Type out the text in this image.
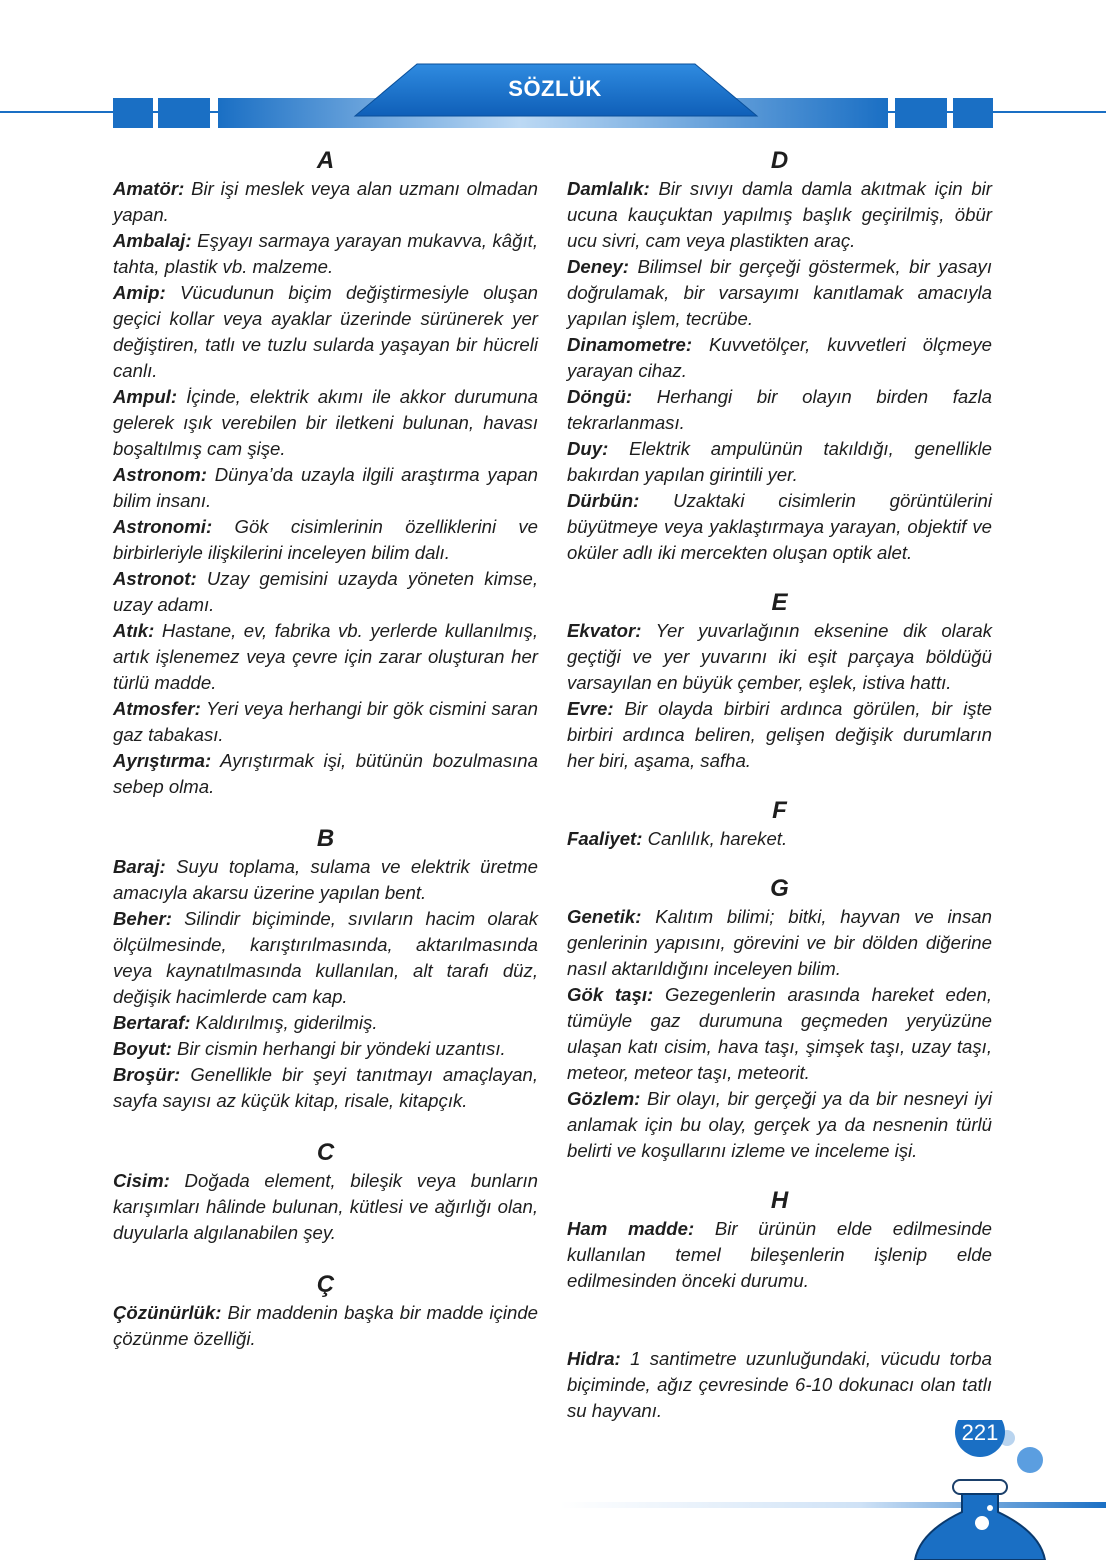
SÖZLÜK
A

Amatör: Bir işi meslek veya alan uzmanı olmadan yapan.

Ambalaj: Eşyayı sarmaya yarayan mukavva, kâğıt, tahta, plastik vb. malzeme.

Amip: Vücudunun biçim değiştirmesiyle oluşan geçici kollar veya ayaklar üzerinde sürünerek yer değiştiren, tatlı ve tuzlu sularda yaşayan bir hücreli canlı.

Ampul: İçinde, elektrik akımı ile akkor durumuna gelerek ışık verebilen bir iletkeni bulunan, havası boşaltılmış cam şişe.

Astronom: Dünya’da uzayla ilgili araştırma yapan bilim insanı.

Astronomi: Gök cisimlerinin özelliklerini ve birbirleriyle ilişkilerini inceleyen bilim dalı.

Astronot: Uzay gemisini uzayda yöneten kimse, uzay adamı.

Atık: Hastane, ev, fabrika vb. yerlerde kullanılmış, artık işlenemez veya çevre için zarar oluşturan her türlü madde.

Atmosfer: Yeri veya herhangi bir gök cismini saran gaz tabakası.

Ayrıştırma: Ayrıştırmak işi, bütünün bozulmasına sebep olma.

B

Baraj: Suyu toplama, sulama ve elektrik üretme amacıyla akarsu üzerine yapılan bent.

Beher: Silindir biçiminde, sıvıların hacim olarak ölçülmesinde, karıştırılmasında, aktarılmasında veya kaynatılmasında kullanılan, alt tarafı düz, değişik hacimlerde cam kap.

Bertaraf: Kaldırılmış, giderilmiş.

Boyut: Bir cismin herhangi bir yöndeki uzantısı.

Broşür: Genellikle bir şeyi tanıtmayı amaçlayan, sayfa sayısı az küçük kitap, risale, kitapçık.

C

Cisim: Doğada element, bileşik veya bunların karışımları hâlinde bulunan, kütlesi ve ağırlığı olan, duyularla algılanabilen şey.

Ç

Çözünürlük: Bir maddenin başka bir madde içinde çözünme özelliği.

D

Damlalık: Bir sıvıyı damla damla akıtmak için bir ucuna kauçuktan yapılmış başlık geçirilmiş, öbür ucu sivri, cam veya plastikten araç.

Deney: Bilimsel bir gerçeği göstermek, bir yasayı doğrulamak, bir varsayımı kanıtlamak amacıyla yapılan işlem, tecrübe.

Dinamometre: Kuvvetölçer, kuvvetleri ölçmeye yarayan cihaz.

Döngü: Herhangi bir olayın birden fazla tekrarlanması.

Duy: Elektrik ampulünün takıldığı, genellikle bakırdan yapılan girintili yer.

Dürbün: Uzaktaki cisimlerin görüntülerini büyütmeye veya yaklaştırmaya yarayan, objektif ve oküler adlı iki mercekten oluşan optik alet.

E

Ekvator: Yer yuvarlağının eksenine dik olarak geçtiği ve yer yuvarını iki eşit parçaya böldüğü varsayılan en büyük çember, eşlek, istiva hattı.

Evre: Bir olayda birbiri ardınca görülen, bir işte birbiri ardınca beliren, gelişen değişik durumların her biri, aşama, safha.

F

Faaliyet: Canlılık, hareket.

G

Genetik: Kalıtım bilimi; bitki, hayvan ve insan genlerinin yapısını, görevini ve bir dölden diğerine nasıl aktarıldığını inceleyen bilim.

Gök taşı: Gezegenlerin arasında hareket eden, tümüyle gaz durumuna geçmeden yeryüzüne ulaşan katı cisim, hava taşı, şimşek taşı, uzay taşı, meteor, meteor taşı, meteorit.

Gözlem: Bir olayı, bir gerçeği ya da bir nesneyi iyi anlamak için bu olay, gerçek ya da nesnenin türlü belirti ve koşullarını izleme ve inceleme işi.

H

Ham madde: Bir ürünün elde edilmesinde kullanılan temel bileşenlerin işlenip elde edilmesinden önceki durumu.

Hidra: 1 santimetre uzunluğundaki, vücudu torba biçiminde, ağız çevresinde 6-10 dokunacı olan tatlı su hayvanı.

221
